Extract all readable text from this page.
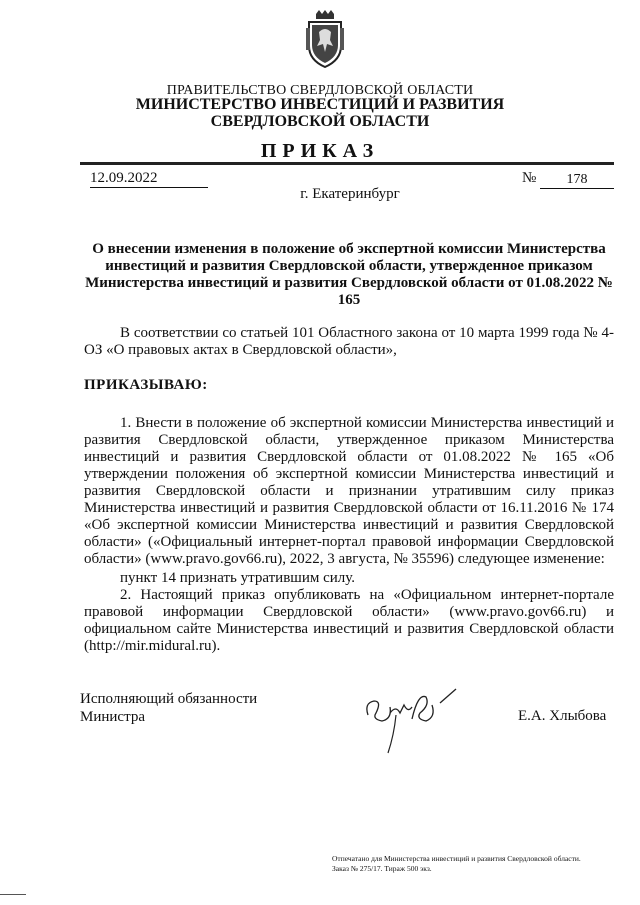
ПРАВИТЕЛЬСТВО СВЕРДЛОВСКОЙ ОБЛАСТИ
МИНИСТЕРСТВО ИНВЕСТИЦИЙ И РАЗВИТИЯ
СВЕРДЛОВСКОЙ ОБЛАСТИ
ПРИКАЗ
12.09.2022	№	178
г. Екатеринбург
О внесении изменения в положение об экспертной комиссии Министерства инвестиций и развития Свердловской области, утвержденное приказом Министерства инвестиций и развития Свердловской области от 01.08.2022 № 165
В соответствии со статьей 101 Областного закона от 10 марта 1999 года № 4-ОЗ «О правовых актах в Свердловской области»,
ПРИКАЗЫВАЮ:
1. Внести в положение об экспертной комиссии Министерства инвестиций и развития Свердловской области, утвержденное приказом Министерства инвестиций и развития Свердловской области от 01.08.2022 № 165 «Об утверждении положения об экспертной комиссии Министерства инвестиций и развития Свердловской области и признании утратившим силу приказ Министерства инвестиций и развития Свердловской области от 16.11.2016 № 174 «Об экспертной комиссии Министерства инвестиций и развития Свердловской области» («Официальный интернет-портал правовой информации Свердловской области» (www.pravo.gov66.ru), 2022, 3 августа, № 35596) следующее изменение:
пункт 14 признать утратившим силу.
2. Настоящий приказ опубликовать на «Официальном интернет-портале правовой информации Свердловской области» (www.pravo.gov66.ru) и официальном сайте Министерства инвестиций и развития Свердловской области (http://mir.midural.ru).
Исполняющий обязанности
Министра	Е.А. Хлыбова
Отпечатано для Министерства инвестиций и развития Свердловской области.
Заказ № 275/17. Тираж 500 экз.
